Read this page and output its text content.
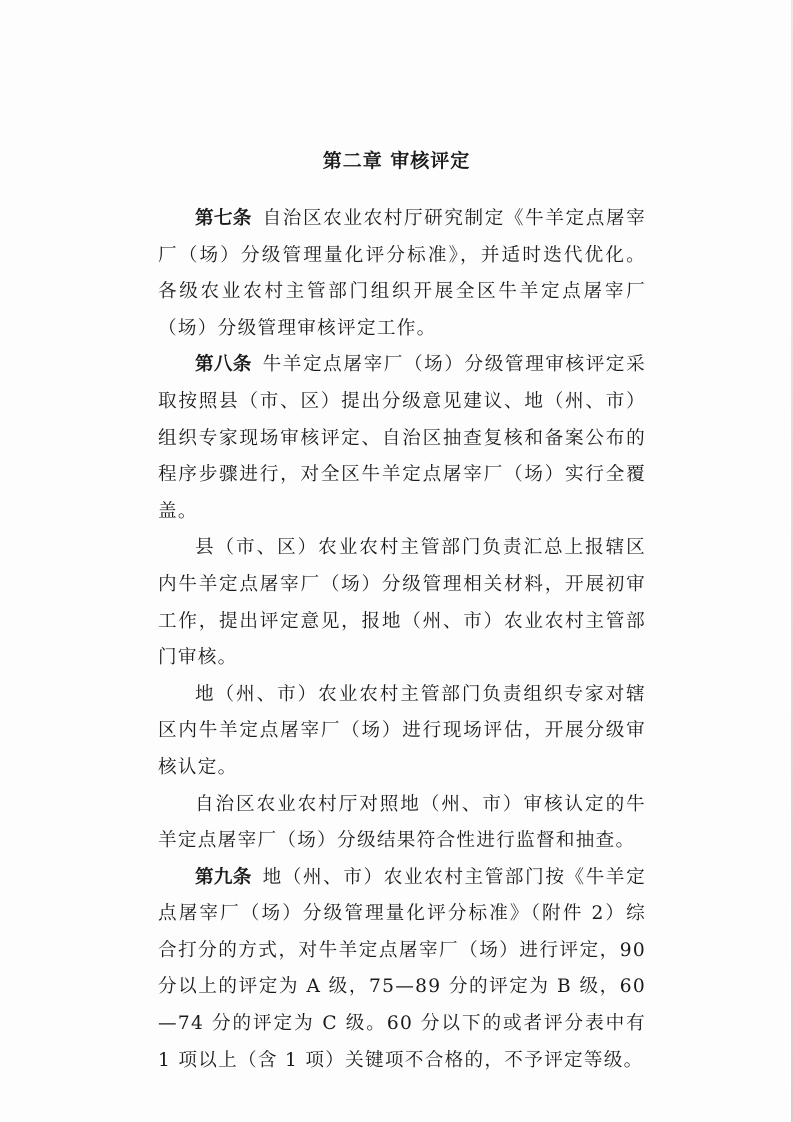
第二章 审核评定

第七条  自治区农业农村厅研究制定《牛羊定点屠宰厂（场）分级管理量化评分标准》，并适时迭代优化。各级农业农村主管部门组织开展全区牛羊定点屠宰厂（场）分级管理审核评定工作。

第八条  牛羊定点屠宰厂（场）分级管理审核评定采取按照县（市、区）提出分级意见建议、地（州、市）组织专家现场审核评定、自治区抽查复核和备案公布的程序步骤进行，对全区牛羊定点屠宰厂（场）实行全覆盖。

县（市、区）农业农村主管部门负责汇总上报辖区内牛羊定点屠宰厂（场）分级管理相关材料，开展初审工作，提出评定意见，报地（州、市）农业农村主管部门审核。

地（州、市）农业农村主管部门负责组织专家对辖区内牛羊定点屠宰厂（场）进行现场评估，开展分级审核认定。

自治区农业农村厅对照地（州、市）审核认定的牛羊定点屠宰厂（场）分级结果符合性进行监督和抽查。

第九条  地（州、市）农业农村主管部门按《牛羊定点屠宰厂（场）分级管理量化评分标准》（附件 2）综合打分的方式，对牛羊定点屠宰厂（场）进行评定，90 分以上的评定为 A 级，75—89 分的评定为 B 级，60—74 分的评定为 C 级。60 分以下的或者评分表中有 1 项以上（含 1 项）关键项不合格的，不予评定等级。
